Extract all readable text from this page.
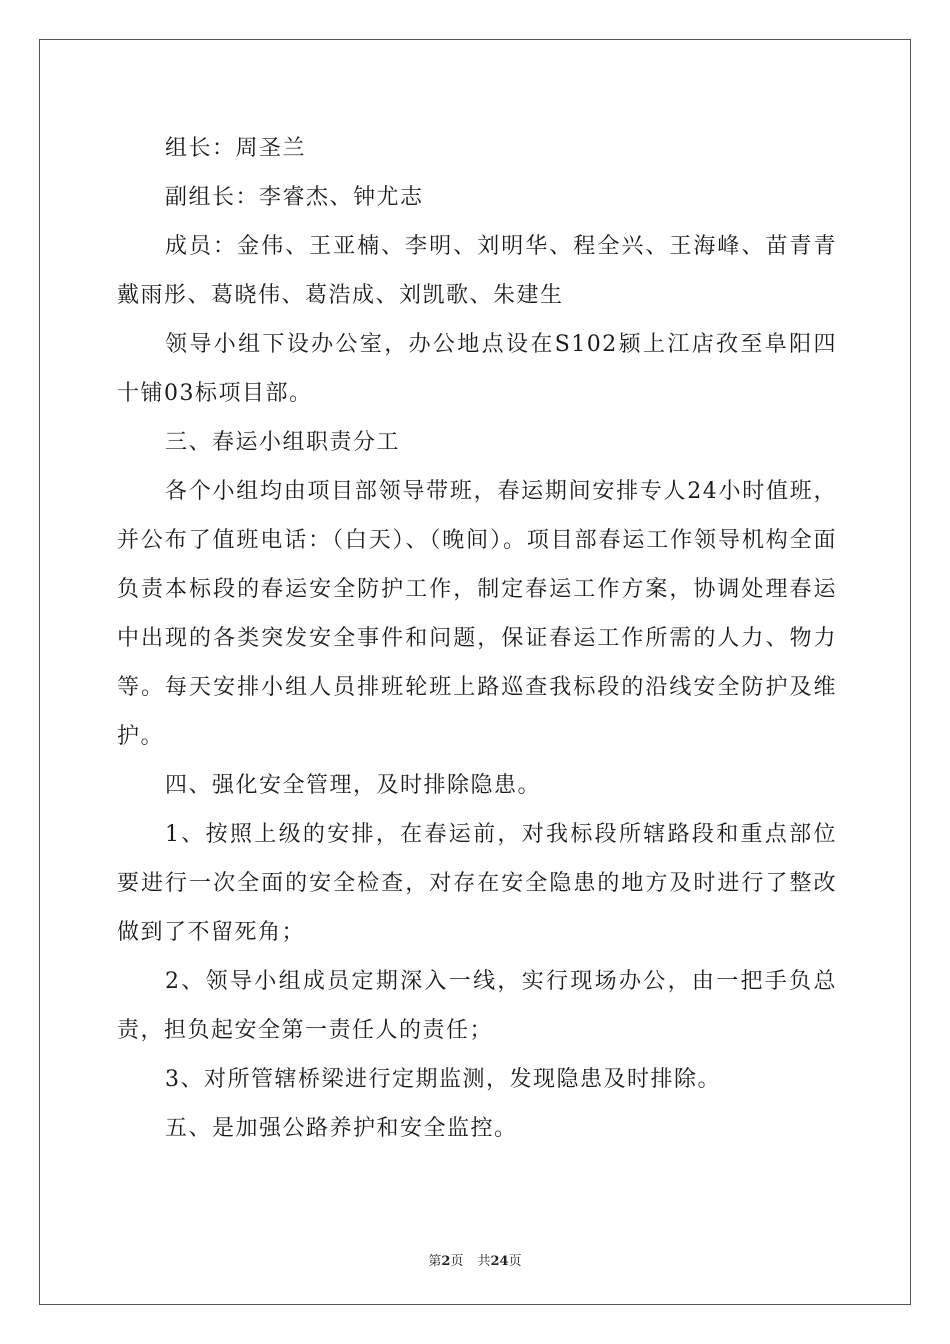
组长：周圣兰

副组长：李睿杰、钟尤志

成员：金伟、王亚楠、李明、刘明华、程全兴、王海峰、苗青青戴雨彤、葛晓伟、葛浩成、刘凯歌、朱建生

领导小组下设办公室，办公地点设在S102颍上江店孜至阜阳四十铺03标项目部。

三、春运小组职责分工

各个小组均由项目部领导带班，春运期间安排专人24小时值班，并公布了值班电话：（白天）、（晚间）。项目部春运工作领导机构全面负责本标段的春运安全防护工作，制定春运工作方案，协调处理春运中出现的各类突发安全事件和问题，保证春运工作所需的人力、物力等。每天安排小组人员排班轮班上路巡查我标段的沿线安全防护及维护。

四、强化安全管理，及时排除隐患。

1、按照上级的安排，在春运前，对我标段所辖路段和重点部位要进行一次全面的安全检查，对存在安全隐患的地方及时进行了整改做到了不留死角；

2、领导小组成员定期深入一线，实行现场办公，由一把手负总责，担负起安全第一责任人的责任；

3、对所管辖桥梁进行定期监测，发现隐患及时排除。

五、是加强公路养护和安全监控。

第2页 共24页
